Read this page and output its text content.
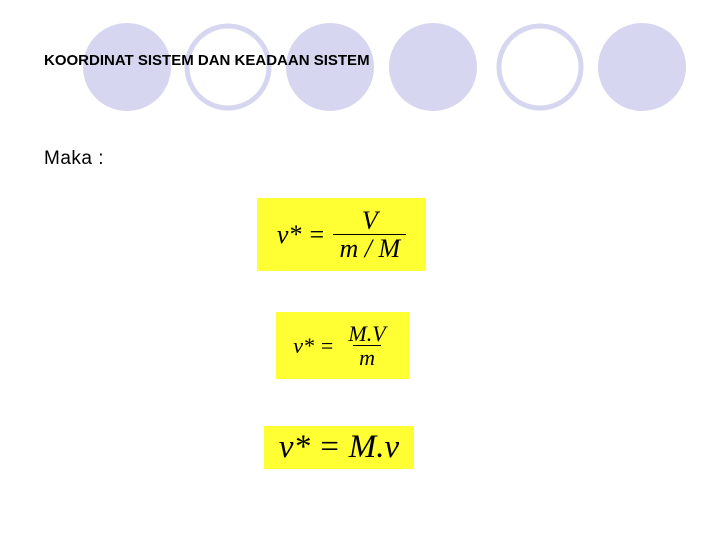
KOORDINAT SISTEM DAN KEADAAN SISTEM
Maka :
$v* = \frac{V}{m / M}$
$v* = \frac{M.V}{m}$
v* = M.v
